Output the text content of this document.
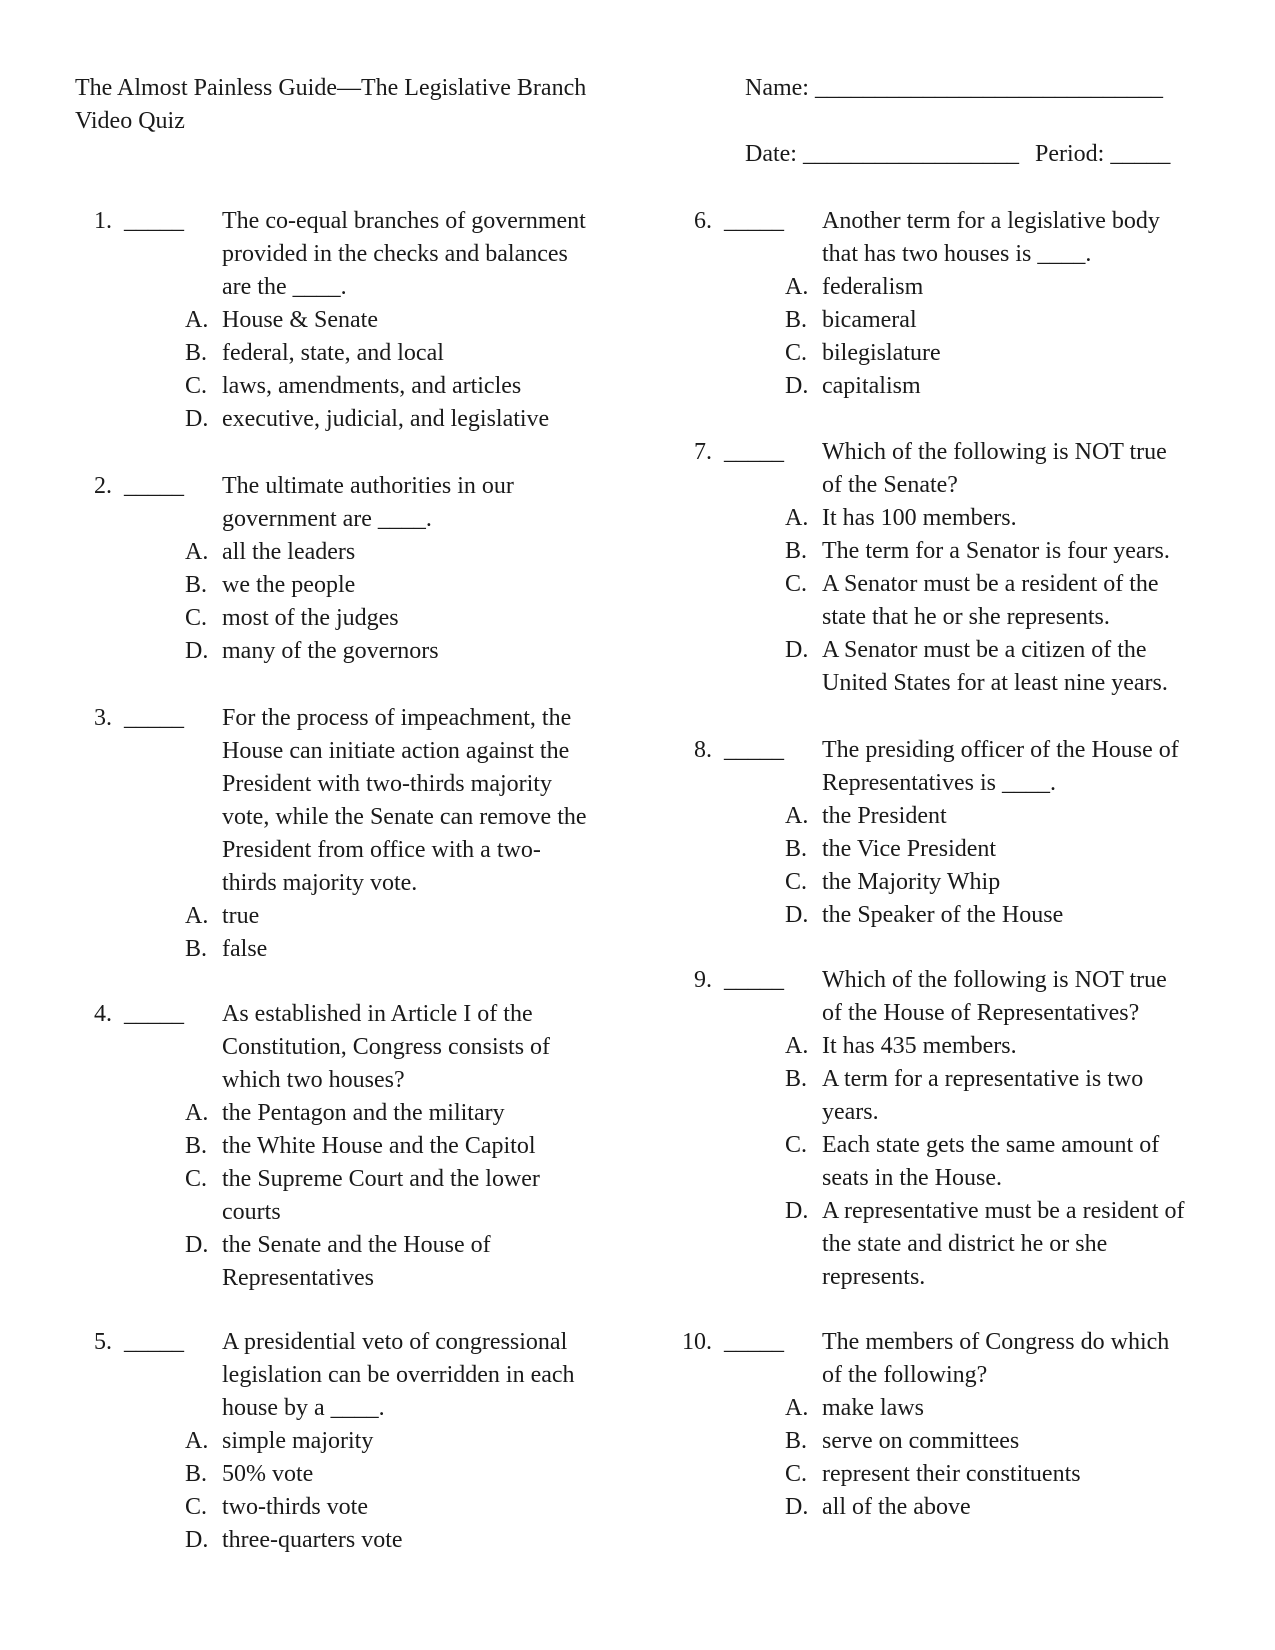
The Almost Painless Guide—The Legislative Branch
Video Quiz
Name: _____________________________
Date: __________________ Period: _____
1. _____ The co-equal branches of government provided in the checks and balances are the ____.
A. House & Senate
B. federal, state, and local
C. laws, amendments, and articles
D. executive, judicial, and legislative
2. _____ The ultimate authorities in our government are ____.
A. all the leaders
B. we the people
C. most of the judges
D. many of the governors
3. _____ For the process of impeachment, the House can initiate action against the President with two-thirds majority vote, while the Senate can remove the President from office with a two-thirds majority vote.
A. true
B. false
4. _____ As established in Article I of the Constitution, Congress consists of which two houses?
A. the Pentagon and the military
B. the White House and the Capitol
C. the Supreme Court and the lower courts
D. the Senate and the House of Representatives
5. _____ A presidential veto of congressional legislation can be overridden in each house by a ____.
A. simple majority
B. 50% vote
C. two-thirds vote
D. three-quarters vote
6. _____ Another term for a legislative body that has two houses is ____.
A. federalism
B. bicameral
C. bilegislature
D. capitalism
7. _____ Which of the following is NOT true of the Senate?
A. It has 100 members.
B. The term for a Senator is four years.
C. A Senator must be a resident of the state that he or she represents.
D. A Senator must be a citizen of the United States for at least nine years.
8. _____ The presiding officer of the House of Representatives is ____.
A. the President
B. the Vice President
C. the Majority Whip
D. the Speaker of the House
9. _____ Which of the following is NOT true of the House of Representatives?
A. It has 435 members.
B. A term for a representative is two years.
C. Each state gets the same amount of seats in the House.
D. A representative must be a resident of the state and district he or she represents.
10. _____ The members of Congress do which of the following?
A. make laws
B. serve on committees
C. represent their constituents
D. all of the above
